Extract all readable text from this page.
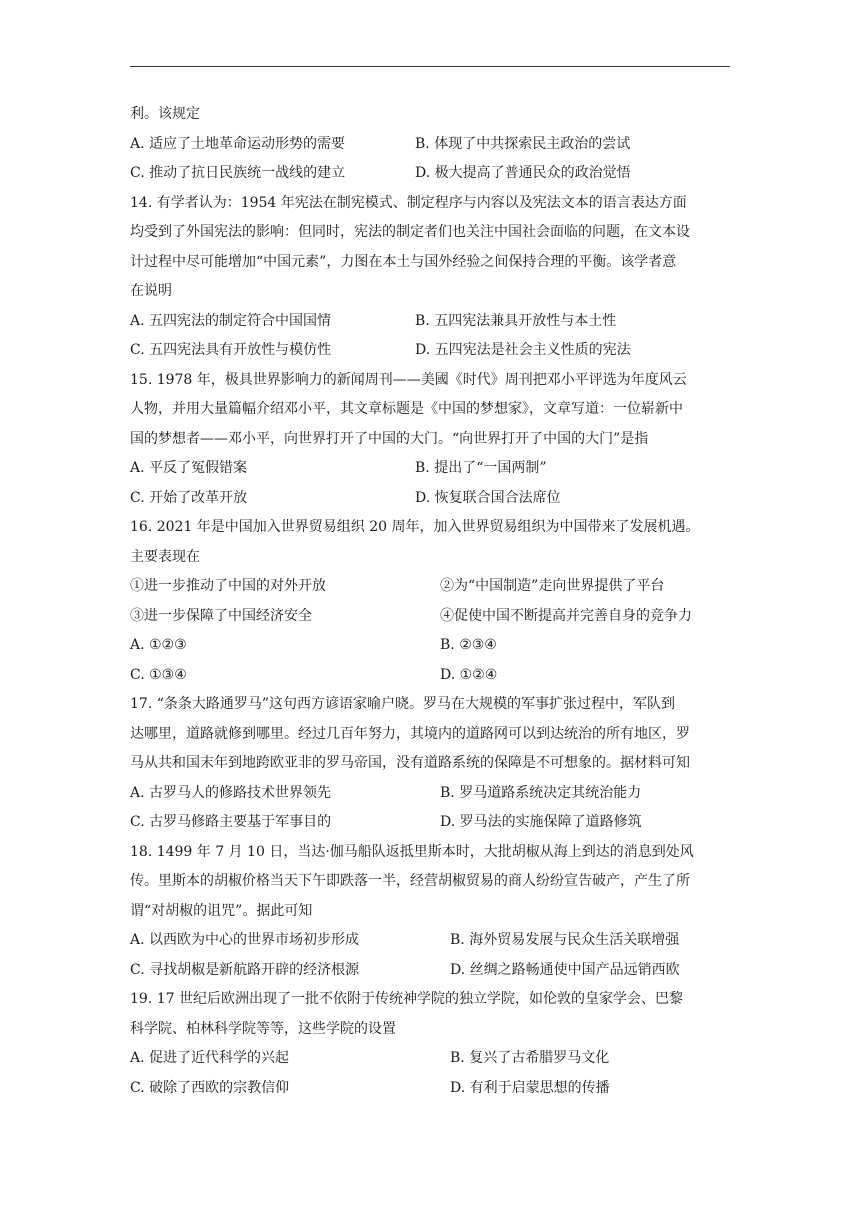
利。该规定
A. 适应了土地革命运动形势的需要	B. 体现了中共探索民主政治的尝试
C. 推动了抗日民族统一战线的建立	D. 极大提高了普通民众的政治觉悟
14. 有学者认为：1954 年宪法在制宪模式、制定程序与内容以及宪法文本的语言表达方面
均受到了外国宪法的影响：但同时，宪法的制定者们也关注中国社会面临的问题，在文本设
计过程中尽可能增加“中国元素”，力图在本土与国外经验之间保持合理的平衡。该学者意
在说明
A. 五四宪法的制定符合中国国情	B. 五四宪法兼具开放性与本土性
C. 五四宪法具有开放性与模仿性	D. 五四宪法是社会主义性质的宪法
15. 1978 年，极具世界影响力的新闻周刊——美國《时代》周刊把邓小平评选为年度风云
人物，并用大量篇幅介绍邓小平，其文章标题是《中国的梦想家》，文章写道：一位崭新中
国的梦想者——邓小平，向世界打开了中国的大门。“向世界打开了中国的大门”是指
A. 平反了冤假错案	B. 提出了“一国两制”
C. 开始了改革开放	D. 恢复联合国合法席位
16. 2021 年是中国加入世界贸易组织 20 周年，加入世界贸易组织为中国带来了发展机遇。
主要表现在
①进一步推动了中国的对外开放	②为“中国制造”走向世界提供了平台
③进一步保障了中国经济安全	④促使中国不断提高并完善自身的竞争力
A. ①②③	B. ②③④
C. ①③④	D. ①②④
17. “条条大路通罗马”这句西方谚语家喻户晓。罗马在大规模的军事扩张过程中，军队到
达哪里，道路就修到哪里。经过几百年努力，其境内的道路网可以到达统治的所有地区，罗
马从共和国末年到地跨欧亚非的罗马帝国，没有道路系统的保障是不可想象的。据材料可知
A. 古罗马人的修路技术世界领先	B. 罗马道路系统决定其统治能力
C. 古罗马修路主要基于军事目的	D. 罗马法的实施保障了道路修筑
18. 1499 年 7 月 10 日，当达·伽马船队返抵里斯本时，大批胡椒从海上到达的消息到处风
传。里斯本的胡椒价格当天下午即跌落一半，经营胡椒贸易的商人纷纷宣告破产，产生了所
谓“对胡椒的诅咒”。据此可知
A. 以西欧为中心的世界市场初步形成	B. 海外贸易发展与民众生活关联增强
C. 寻找胡椒是新航路开辟的经济根源	D. 丝绸之路畅通使中国产品远销西欧
19. 17 世纪后欧洲出现了一批不依附于传统神学院的独立学院，如伦敦的皇家学会、巴黎
科学院、柏林科学院等等，这些学院的设置
A. 促进了近代科学的兴起	B. 复兴了古希腊罗马文化
C. 破除了西欧的宗教信仰	D. 有利于启蒙思想的传播
